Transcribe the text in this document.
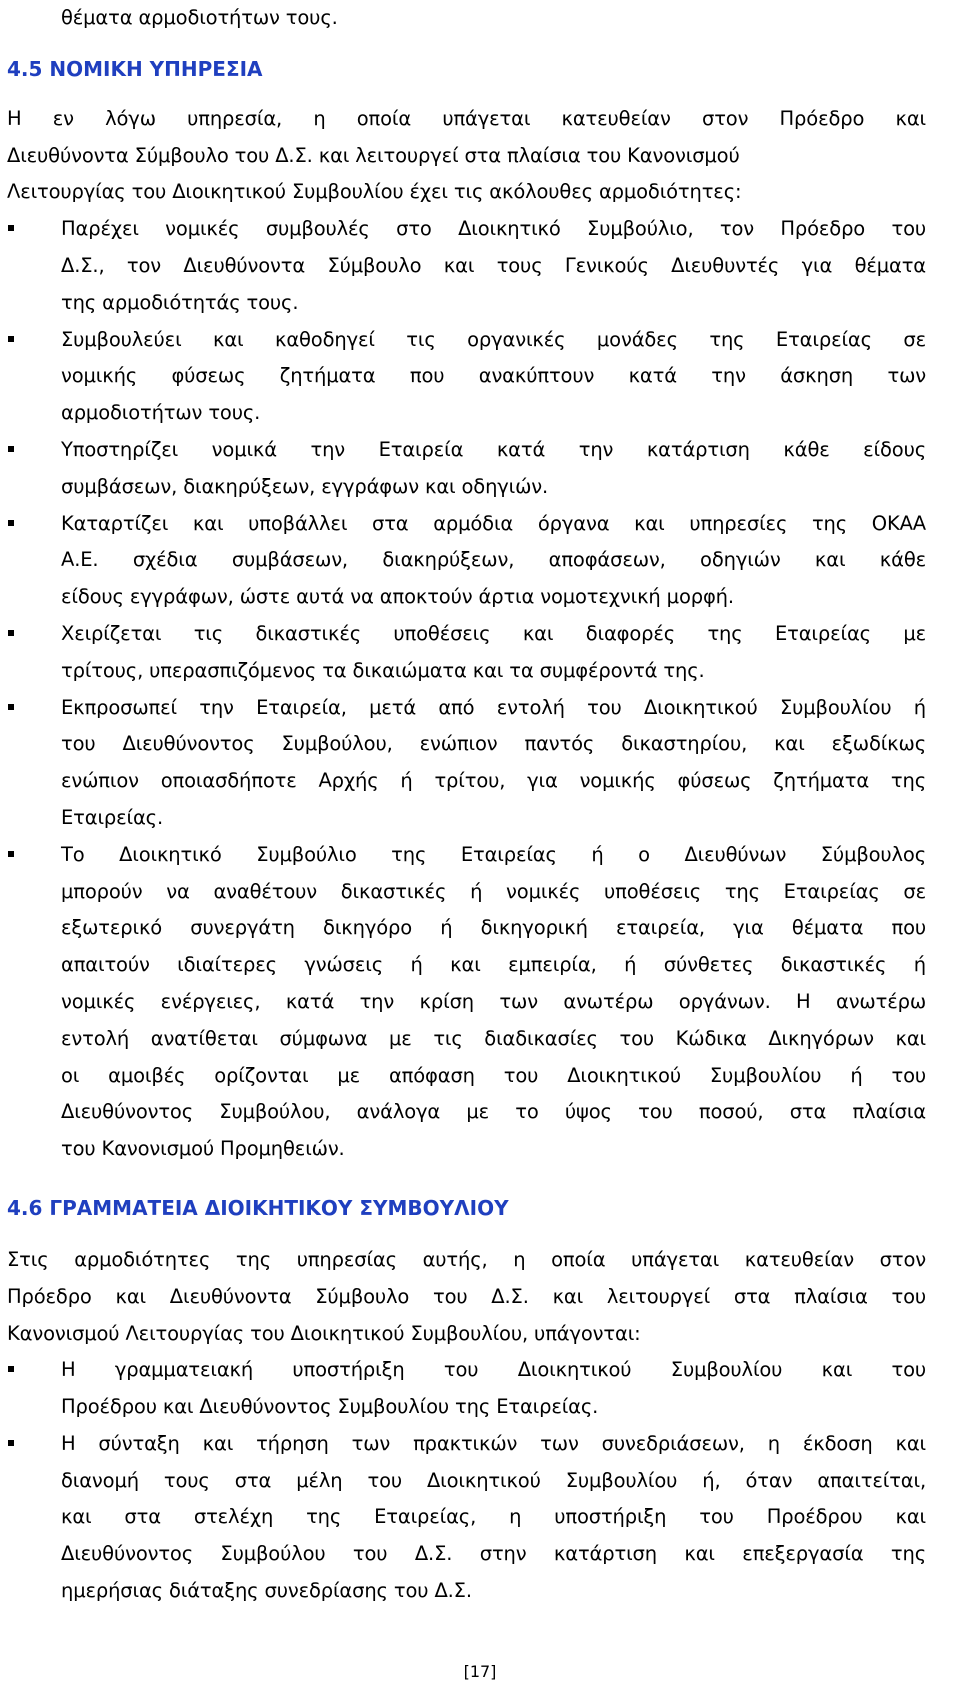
θέματα αρμοδιοτήτων τους.
4.5 ΝΟΜΙΚΗ ΥΠΗΡΕΣΙΑ
Η εν λόγω υπηρεσία, η οποία υπάγεται κατευθείαν στον Πρόεδρο και
Διευθύνοντα Σύμβουλο του Δ.Σ. και λειτουργεί στα πλαίσια του Κανονισμού
Λειτουργίας του Διοικητικού Συμβουλίου έχει τις ακόλουθες αρμοδιότητες:
Παρέχει νομικές συμβουλές στο Διοικητικό Συμβούλιο, τον Πρόεδρο του
Δ.Σ., τον Διευθύνοντα Σύμβουλο και τους Γενικούς Διευθυντές για θέματα
της αρμοδιότητάς τους.
Συμβουλεύει και καθοδηγεί τις οργανικές μονάδες της Εταιρείας σε
νομικής φύσεως ζητήματα που ανακύπτουν κατά την άσκηση των
αρμοδιοτήτων τους.
Υποστηρίζει νομικά την Εταιρεία κατά την κατάρτιση κάθε είδους
συμβάσεων, διακηρύξεων, εγγράφων και οδηγιών.
Καταρτίζει και υποβάλλει στα αρμόδια όργανα και υπηρεσίες της ΟΚΑΑ
Α.Ε. σχέδια συμβάσεων, διακηρύξεων, αποφάσεων, οδηγιών και κάθε
είδους εγγράφων, ώστε αυτά να αποκτούν άρτια νομοτεχνική μορφή.
Χειρίζεται τις δικαστικές υποθέσεις και διαφορές της Εταιρείας με
τρίτους, υπερασπιζόμενος τα δικαιώματα και τα συμφέροντά της.
Εκπροσωπεί την Εταιρεία, μετά από εντολή του Διοικητικού Συμβουλίου ή
του Διευθύνοντος Συμβούλου, ενώπιον παντός δικαστηρίου, και εξωδίκως
ενώπιον οποιασδήποτε Αρχής ή τρίτου, για νομικής φύσεως ζητήματα της
Εταιρείας.
Το Διοικητικό Συμβούλιο της Εταιρείας ή ο Διευθύνων Σύμβουλος
μπορούν να αναθέτουν δικαστικές ή νομικές υποθέσεις της Εταιρείας σε
εξωτερικό συνεργάτη δικηγόρο ή δικηγορική εταιρεία, για θέματα που
απαιτούν ιδιαίτερες γνώσεις ή και εμπειρία, ή σύνθετες δικαστικές ή
νομικές ενέργειες, κατά την κρίση των ανωτέρω οργάνων. Η ανωτέρω
εντολή ανατίθεται σύμφωνα με τις διαδικασίες του Κώδικα Δικηγόρων και
οι αμοιβές ορίζονται με απόφαση του Διοικητικού Συμβουλίου ή του
Διευθύνοντος Συμβούλου, ανάλογα με το ύψος του ποσού, στα πλαίσια
του Κανονισμού Προμηθειών.
4.6 ΓΡΑΜΜΑΤΕΙΑ ΔΙΟΙΚΗΤΙΚΟΥ ΣΥΜΒΟΥΛΙΟΥ
Στις αρμοδιότητες της υπηρεσίας αυτής, η οποία υπάγεται κατευθείαν στον
Πρόεδρο και Διευθύνοντα Σύμβουλο του Δ.Σ. και λειτουργεί στα πλαίσια του
Κανονισμού Λειτουργίας του Διοικητικού Συμβουλίου, υπάγονται:
Η γραμματειακή υποστήριξη του Διοικητικού Συμβουλίου και του
Προέδρου και Διευθύνοντος Συμβουλίου της Εταιρείας.
Η σύνταξη και τήρηση των πρακτικών των συνεδριάσεων, η έκδοση και
διανομή τους στα μέλη του Διοικητικού Συμβουλίου ή, όταν απαιτείται,
και στα στελέχη της Εταιρείας, η υποστήριξη του Προέδρου και
Διευθύνοντος Συμβούλου του Δ.Σ. στην κατάρτιση και επεξεργασία της
ημερήσιας διάταξης συνεδρίασης του Δ.Σ.
[17]
